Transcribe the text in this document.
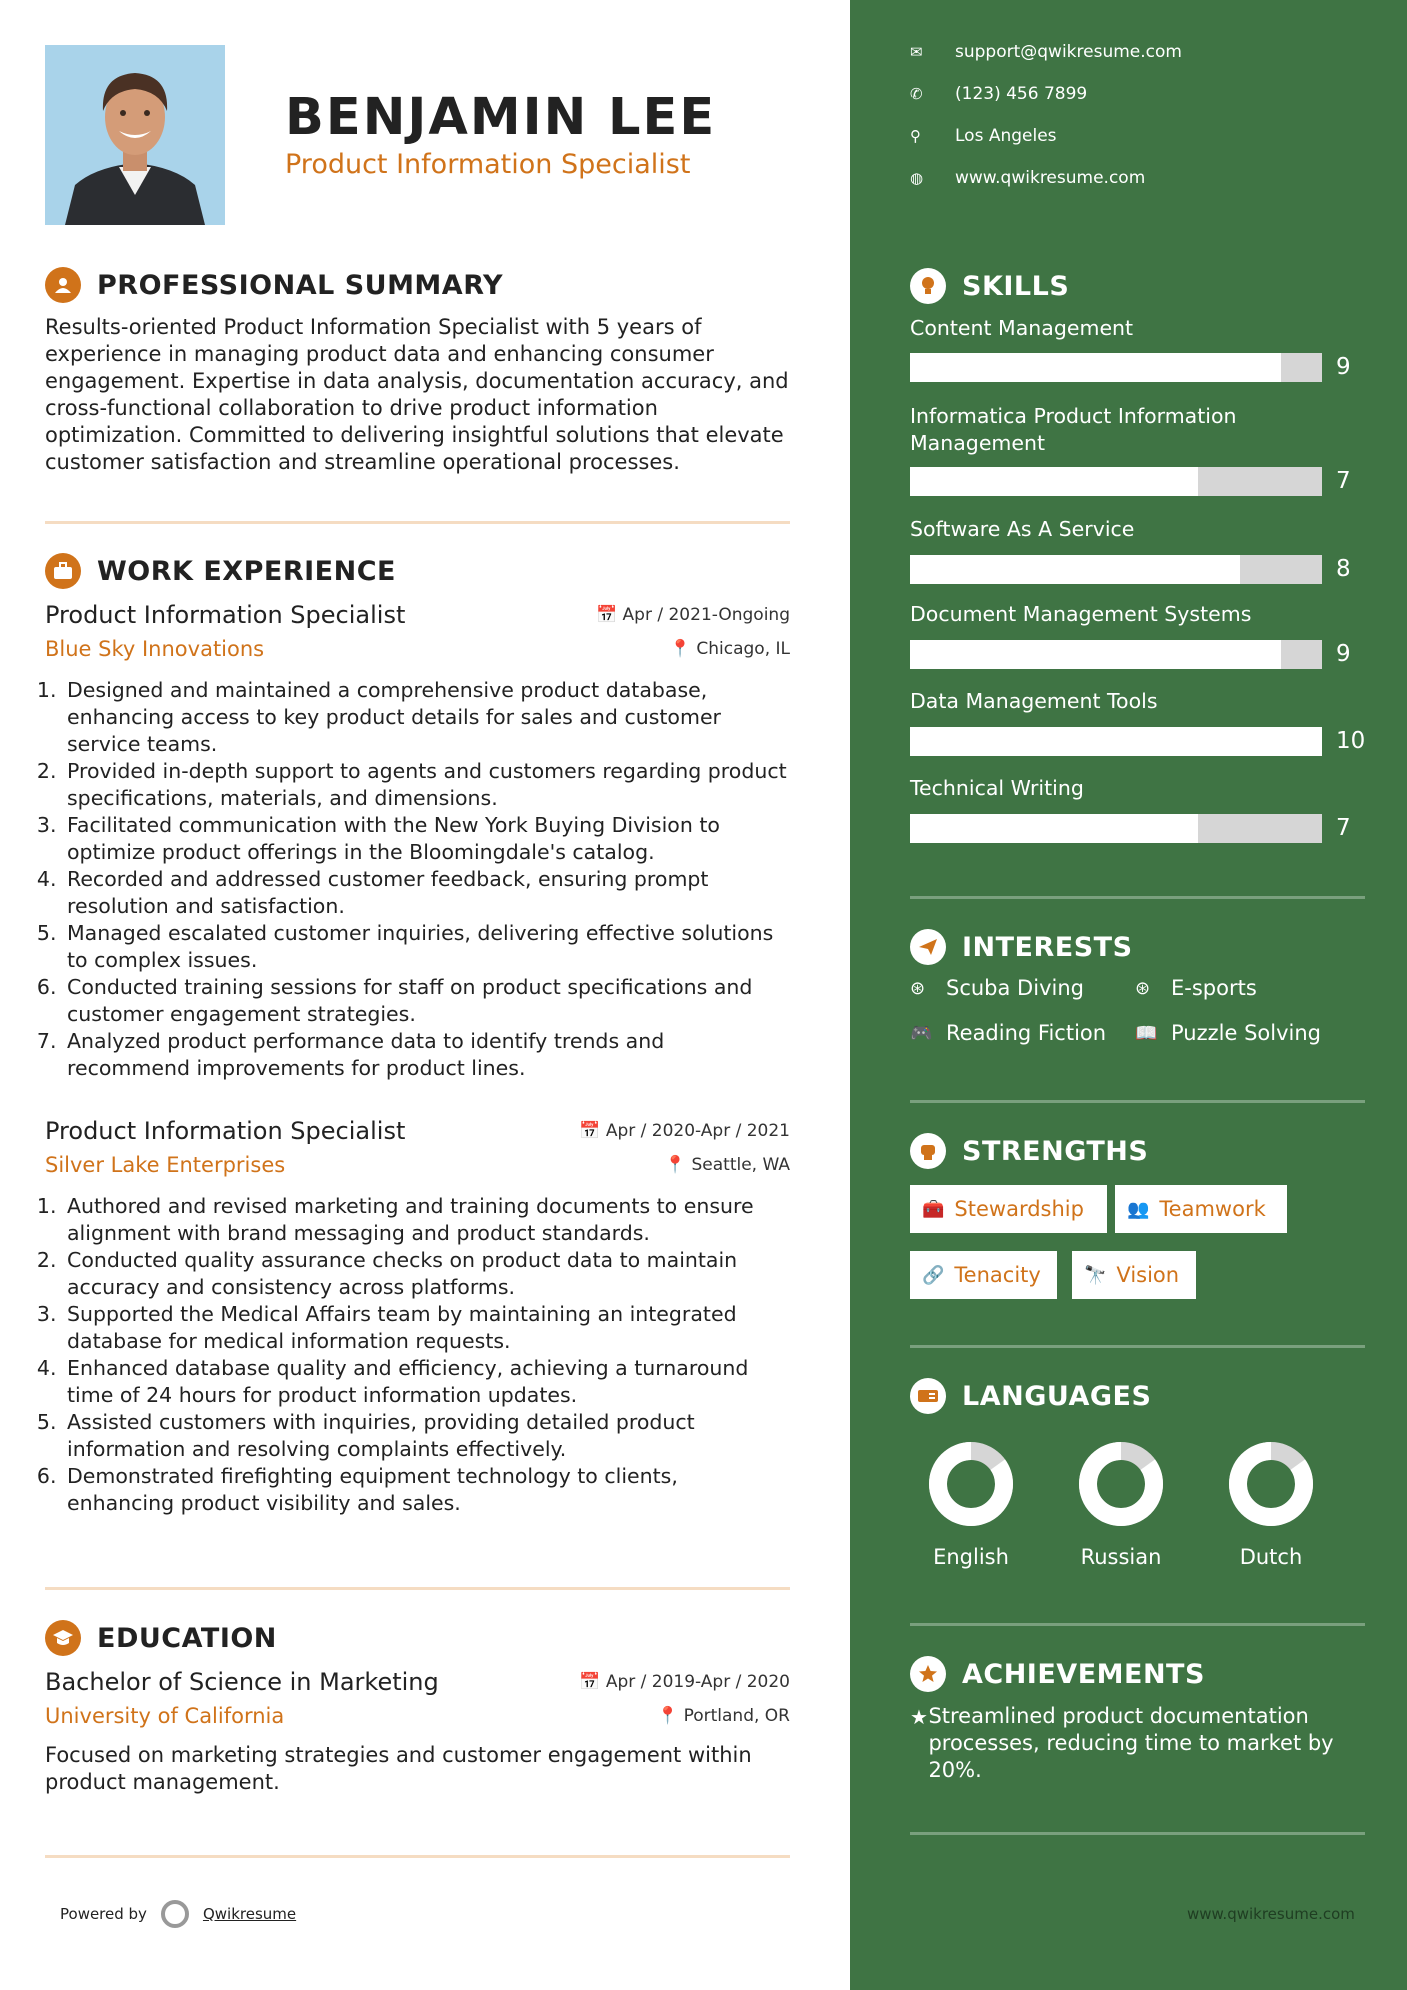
BENJAMIN LEE
Product Information Specialist
PROFESSIONAL SUMMARY
Results-oriented Product Information Specialist with 5 years of experience in managing product data and enhancing consumer engagement. Expertise in data analysis, documentation accuracy, and cross-functional collaboration to drive product information optimization. Committed to delivering insightful solutions that elevate customer satisfaction and streamline operational processes.
WORK EXPERIENCE
Product Information Specialist	📅 Apr / 2021-Ongoing
Blue Sky Innovations	📍 Chicago, IL
1. Designed and maintained a comprehensive product database, enhancing access to key product details for sales and customer service teams.
2. Provided in-depth support to agents and customers regarding product specifications, materials, and dimensions.
3. Facilitated communication with the New York Buying Division to optimize product offerings in the Bloomingdale's catalog.
4. Recorded and addressed customer feedback, ensuring prompt resolution and satisfaction.
5. Managed escalated customer inquiries, delivering effective solutions to complex issues.
6. Conducted training sessions for staff on product specifications and customer engagement strategies.
7. Analyzed product performance data to identify trends and recommend improvements for product lines.
Product Information Specialist	📅 Apr / 2020-Apr / 2021
Silver Lake Enterprises	📍 Seattle, WA
1. Authored and revised marketing and training documents to ensure alignment with brand messaging and product standards.
2. Conducted quality assurance checks on product data to maintain accuracy and consistency across platforms.
3. Supported the Medical Affairs team by maintaining an integrated database for medical information requests.
4. Enhanced database quality and efficiency, achieving a turnaround time of 24 hours for product information updates.
5. Assisted customers with inquiries, providing detailed product information and resolving complaints effectively.
6. Demonstrated firefighting equipment technology to clients, enhancing product visibility and sales.
EDUCATION
Bachelor of Science in Marketing	📅 Apr / 2019-Apr / 2020
University of California	📍 Portland, OR
Focused on marketing strategies and customer engagement within product management.
Powered by	Qwikresume
✉	support@qwikresume.com
✆	(123) 456 7899
⚲	Los Angeles
◍	www.qwikresume.com
SKILLS
Content Management
9
Informatica Product Information Management
7
Software As A Service
8
Document Management Systems
9
Data Management Tools
10
Technical Writing
7
INTERESTS
⊛ Scuba Diving	⊛ E-sports
🎮 Reading Fiction 📖 Puzzle Solving
STRENGTHS
🧰 Stewardship 👥 Teamwork
🔗 Tenacity 🔭 Vision
LANGUAGES
English	Russian	Dutch
ACHIEVEMENTS
★ Streamlined product documentation processes, reducing time to market by 20%.
www.qwikresume.com
